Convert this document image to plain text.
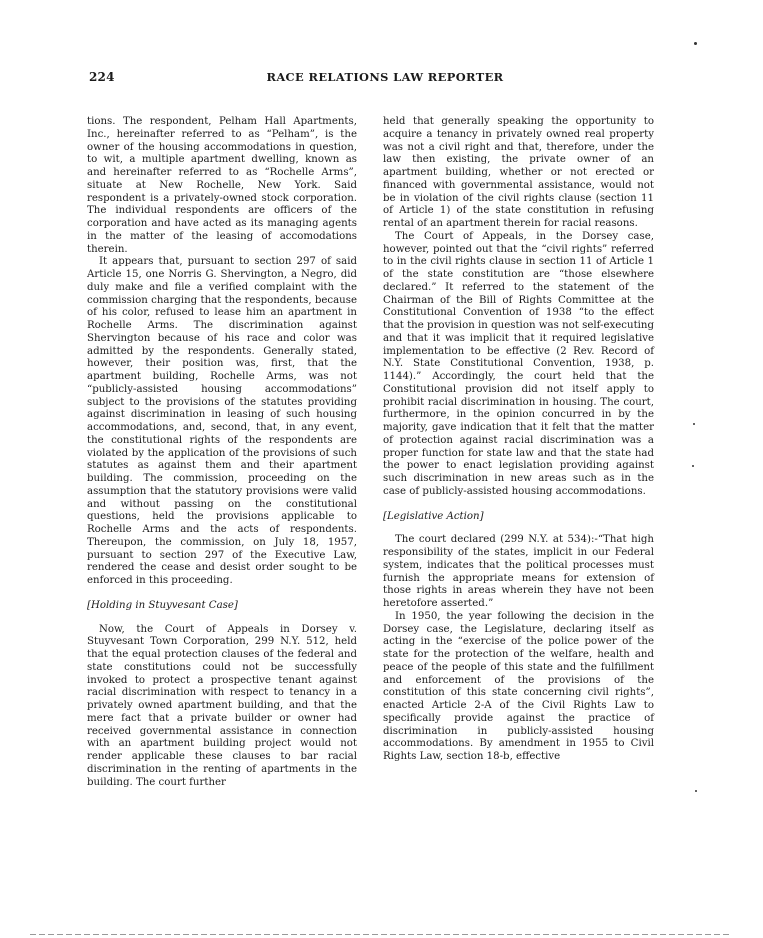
224	RACE RELATIONS LAW REPORTER

tions. The respondent, Pelham Hall Apartments, Inc., hereinafter referred to as “Pelham”, is the owner of the housing accommodations in question, to wit, a multiple apartment dwelling, known as and hereinafter referred to as “Rochelle Arms”, situate at New Rochelle, New York. Said respondent is a privately-owned stock corporation. The individual respondents are officers of the corporation and have acted as its managing agents in the matter of the leasing of accomodations therein.

It appears that, pursuant to section 297 of said Article 15, one Norris G. Shervington, a Negro, did duly make and file a verified complaint with the commission charging that the respondents, because of his color, refused to lease him an apartment in Rochelle Arms. The discrimination against Shervington because of his race and color was admitted by the respondents. Generally stated, however, their position was, first, that the apartment building, Rochelle Arms, was not “publicly-assisted housing accommodations” subject to the provisions of the statutes providing against discrimination in leasing of such housing accommodations, and, second, that, in any event, the constitutional rights of the respondents are violated by the application of the provisions of such statutes as against them and their apartment building. The commission, proceeding on the assumption that the statutory provisions were valid and without passing on the constitutional questions, held the provisions applicable to Rochelle Arms and the acts of respondents. Thereupon, the commission, on July 18, 1957, pursuant to section 297 of the Executive Law, rendered the cease and desist order sought to be enforced in this proceeding.

[Holding in Stuyvesant Case]

Now, the Court of Appeals in Dorsey v. Stuyvesant Town Corporation, 299 N.Y. 512, held that the equal protection clauses of the federal and state constitutions could not be successfully invoked to protect a prospective tenant against racial discrimination with respect to tenancy in a privately owned apartment building, and that the mere fact that a private builder or owner had received governmental assistance in connection with an apartment building project would not render applicable these clauses to bar racial discrimination in the renting of apartments in the building. The court further

held that generally speaking the opportunity to acquire a tenancy in privately owned real property was not a civil right and that, therefore, under the law then existing, the private owner of an apartment building, whether or not erected or financed with governmental assistance, would not be in violation of the civil rights clause (section 11 of Article 1) of the state constitution in refusing rental of an apartment therein for racial reasons.

The Court of Appeals, in the Dorsey case, however, pointed out that the “civil rights” referred to in the civil rights clause in section 11 of Article 1 of the state constitution are “those elsewhere declared.” It referred to the statement of the Chairman of the Bill of Rights Committee at the Constitutional Convention of 1938 “to the effect that the provision in question was not self-executing and that it was implicit that it required legislative implementation to be effective (2 Rev. Record of N.Y. State Constitutional Convention, 1938, p. 1144).” Accordingly, the court held that the Constitutional provision did not itself apply to prohibit racial discrimination in housing. The court, furthermore, in the opinion concurred in by the majority, gave indication that it felt that the matter of protection against racial discrimination was a proper function for state law and that the state had the power to enact legislation providing against such discrimination in new areas such as in the case of publicly-assisted housing accommodations.

[Legislative Action]

The court declared (299 N.Y. at 534):-“That high responsibility of the states, implicit in our Federal system, indicates that the political processes must furnish the appropriate means for extension of those rights in areas wherein they have not been heretofore asserted.”

In 1950, the year following the decision in the Dorsey case, the Legislature, declaring itself as acting in the “exercise of the police power of the state for the protection of the welfare, health and peace of the people of this state and the fulfillment and enforcement of the provisions of the constitution of this state concerning civil rights”, enacted Article 2-A of the Civil Rights Law to specifically provide against the practice of discrimination in publicly-assisted housing accommodations. By amendment in 1955 to Civil Rights Law, section 18-b, effective
